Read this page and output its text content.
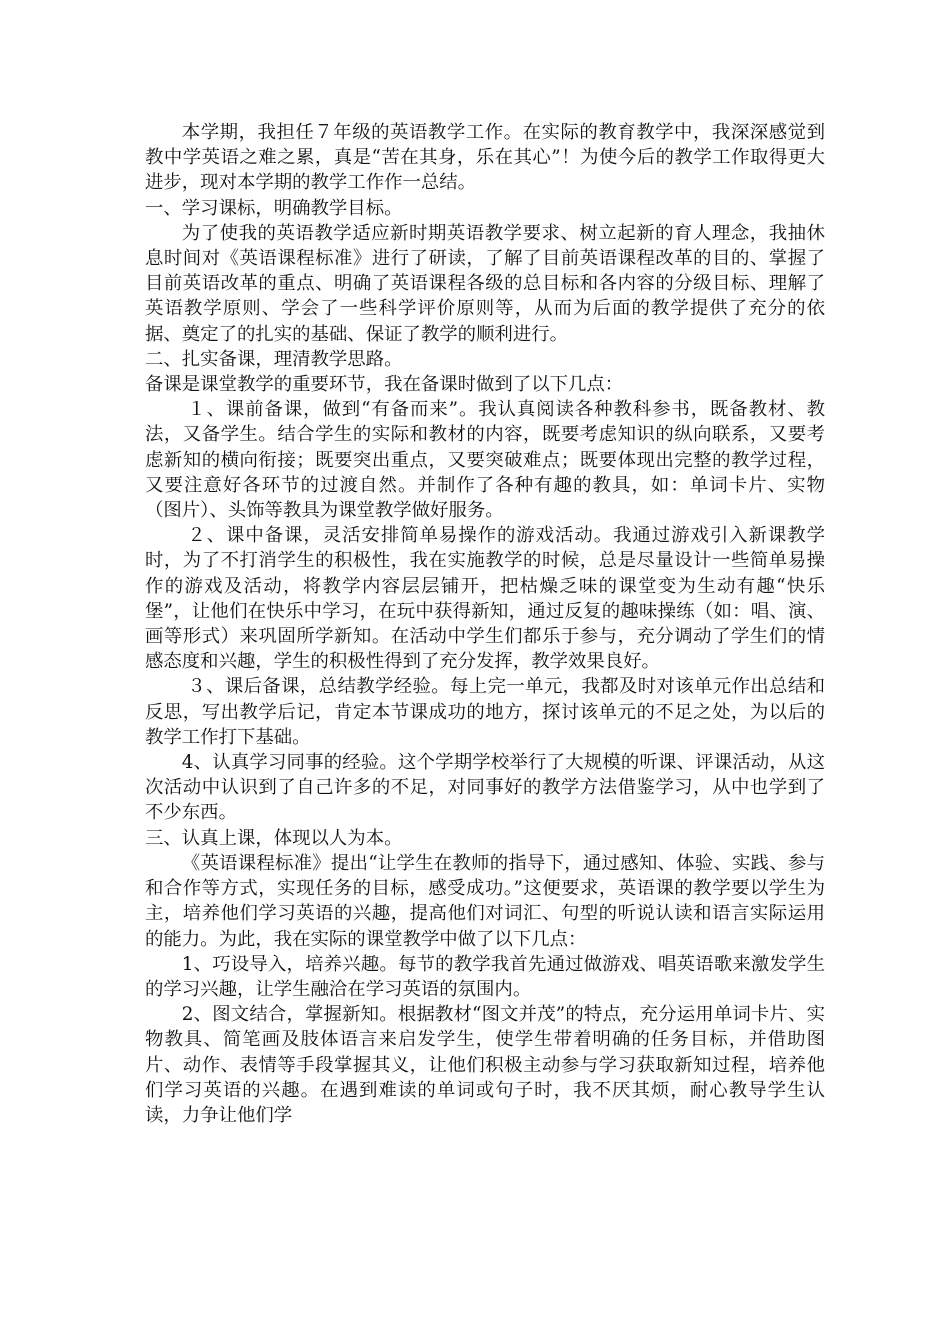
本学期，我担任７年级的英语教学工作。在实际的教育教学中，我深深感觉到教中学英语之难之累，真是“苦在其身，乐在其心”！为使今后的教学工作取得更大进步，现对本学期的教学工作作一总结。

一、学习课标，明确教学目标。

为了使我的英语教学适应新时期英语教学要求、树立起新的育人理念，我抽休息时间对《英语课程标准》进行了研读，了解了目前英语课程改革的目的、掌握了目前英语改革的重点、明确了英语课程各级的总目标和各内容的分级目标、理解了英语教学原则、学会了一些科学评价原则等，从而为后面的教学提供了充分的依据、奠定了的扎实的基础、保证了教学的顺利进行。

二、扎实备课，理清教学思路。

备课是课堂教学的重要环节，我在备课时做到了以下几点：

１、课前备课，做到“有备而来”。我认真阅读各种教科参书，既备教材、教法，又备学生。结合学生的实际和教材的内容，既要考虑知识的纵向联系，又要考虑新知的横向衔接；既要突出重点，又要突破难点；既要体现出完整的教学过程，又要注意好各环节的过渡自然。并制作了各种有趣的教具，如：单词卡片、实物（图片）、头饰等教具为课堂教学做好服务。

２、课中备课，灵活安排简单易操作的游戏活动。我通过游戏引入新课教学时，为了不打消学生的积极性，我在实施教学的时候，总是尽量设计一些简单易操作的游戏及活动，将教学内容层层铺开，把枯燥乏味的课堂变为生动有趣“快乐堡”，让他们在快乐中学习，在玩中获得新知，通过反复的趣味操练（如：唱、演、画等形式）来巩固所学新知。在活动中学生们都乐于参与，充分调动了学生们的情感态度和兴趣，学生的积极性得到了充分发挥，教学效果良好。

３、课后备课，总结教学经验。每上完一单元，我都及时对该单元作出总结和反思，写出教学后记，肯定本节课成功的地方，探讨该单元的不足之处，为以后的教学工作打下基础。

4、认真学习同事的经验。这个学期学校举行了大规模的听课、评课活动，从这次活动中认识到了自己许多的不足，对同事好的教学方法借鉴学习，从中也学到了不少东西。

三、认真上课，体现以人为本。

《英语课程标准》提出“让学生在教师的指导下，通过感知、体验、实践、参与和合作等方式，实现任务的目标，感受成功。”这便要求，英语课的教学要以学生为主，培养他们学习英语的兴趣，提高他们对词汇、句型的听说认读和语言实际运用的能力。为此，我在实际的课堂教学中做了以下几点：

1、巧设导入，培养兴趣。每节的教学我首先通过做游戏、唱英语歌来激发学生的学习兴趣，让学生融洽在学习英语的氛围内。

2、图文结合，掌握新知。根据教材“图文并茂”的特点，充分运用单词卡片、实物教具、简笔画及肢体语言来启发学生，使学生带着明确的任务目标，并借助图片、动作、表情等手段掌握其义，让他们积极主动参与学习获取新知过程，培养他们学习英语的兴趣。在遇到难读的单词或句子时，我不厌其烦，耐心教导学生认读，力争让他们学
